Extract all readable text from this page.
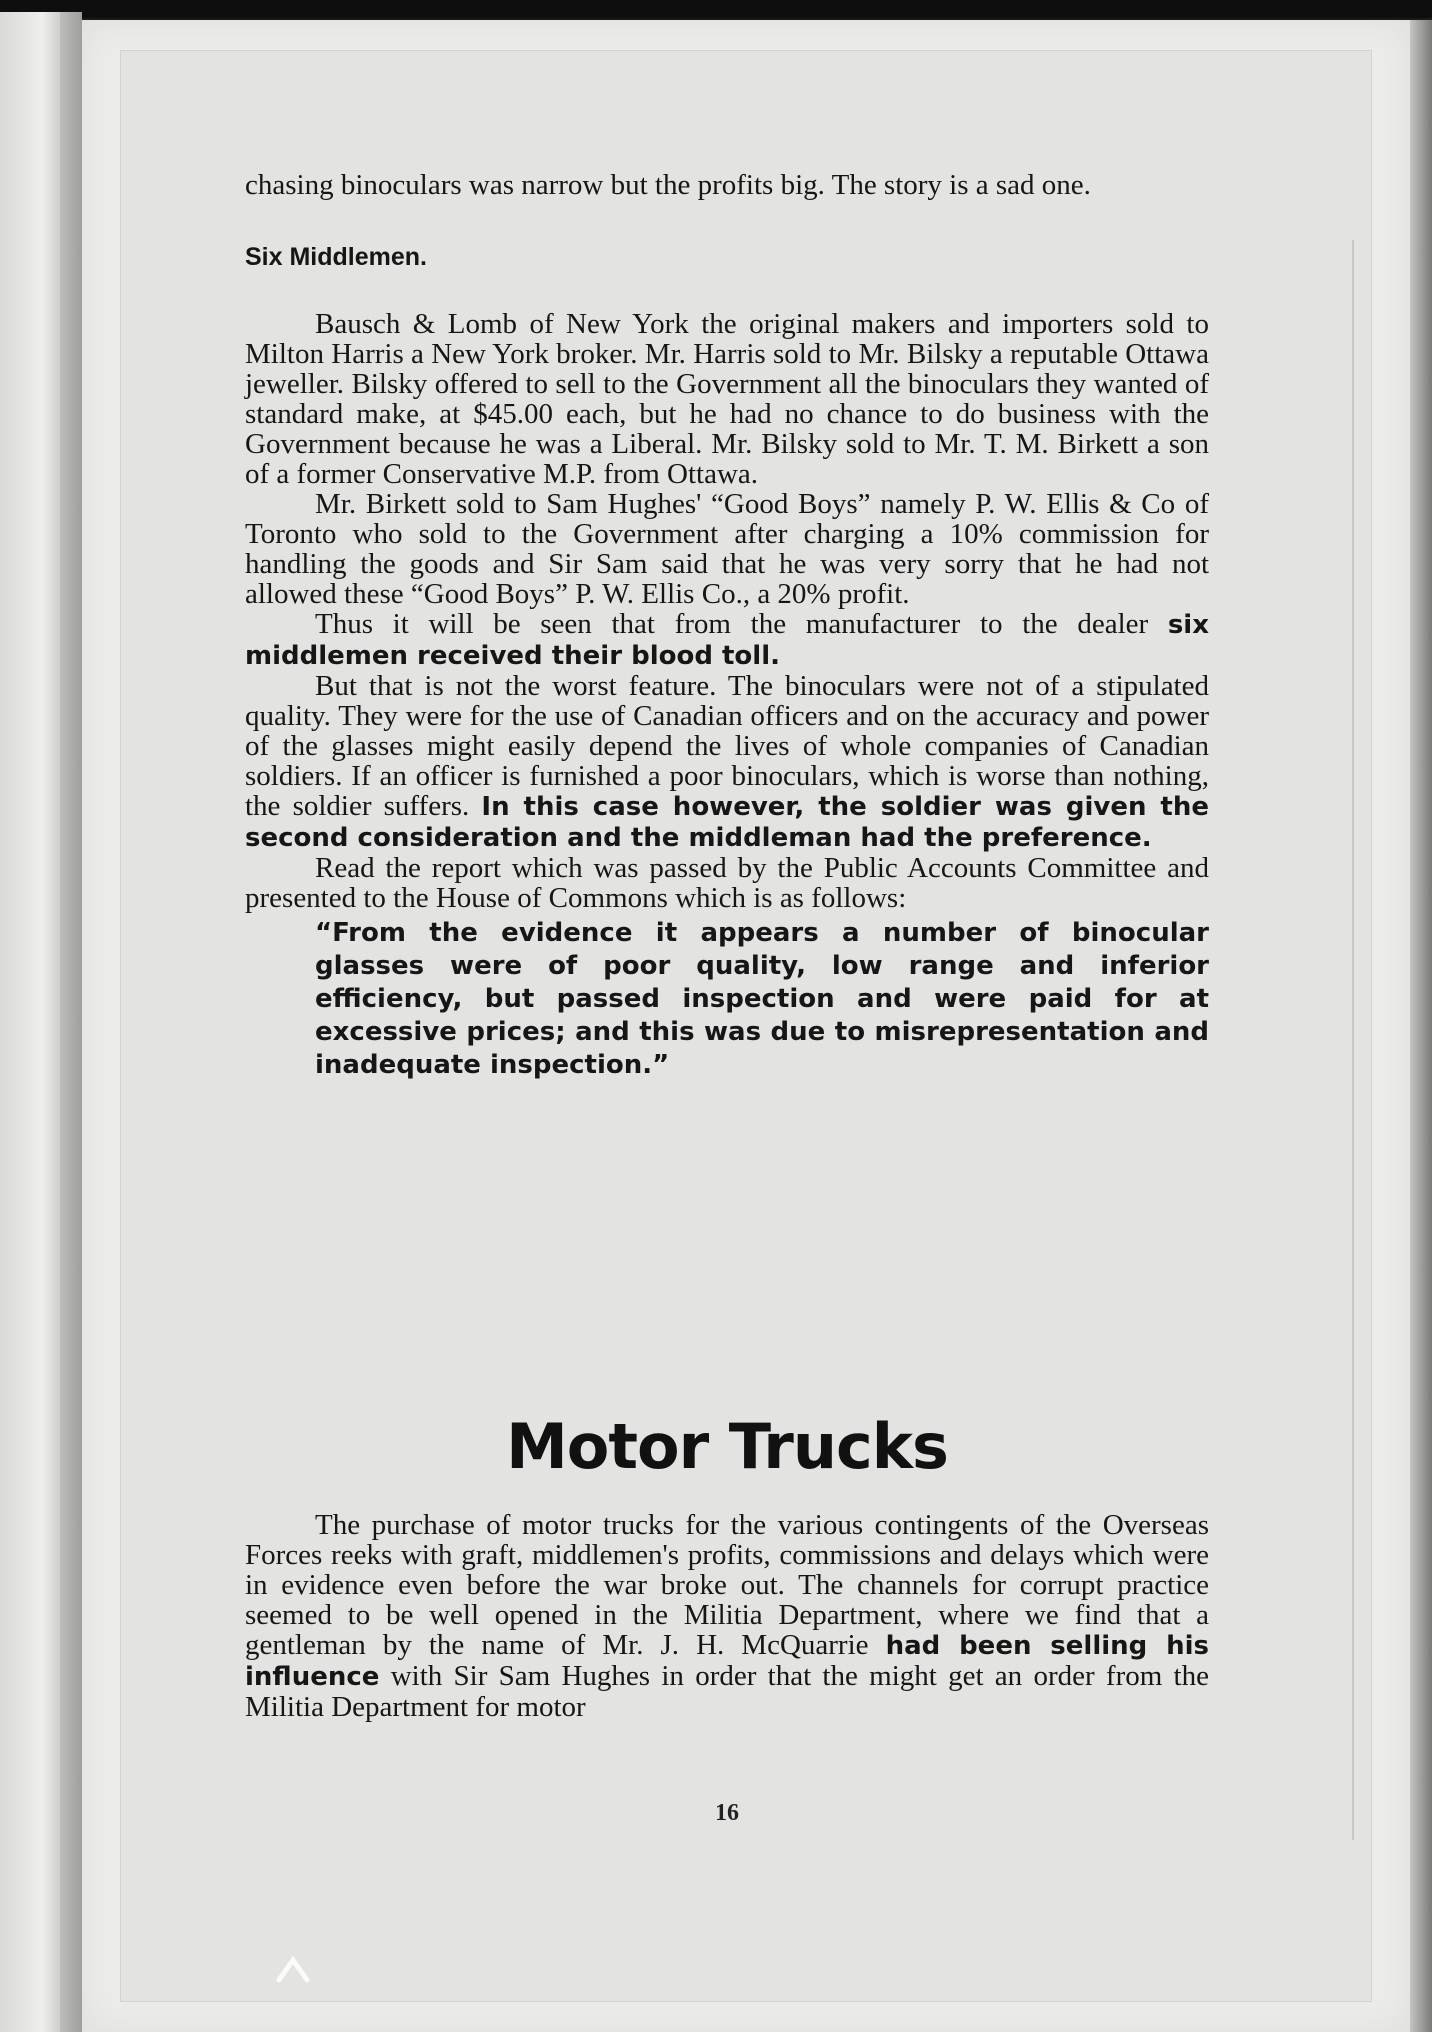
chasing binoculars was narrow but the profits big. The story is a sad one.

Six Middlemen.

Bausch & Lomb of New York the original makers and importers sold to Milton Harris a New York broker. Mr. Harris sold to Mr. Bilsky a reputable Ottawa jeweller. Bilsky offered to sell to the Government all the binoculars they wanted of standard make, at $45.00 each, but he had no chance to do business with the Government because he was a Liberal. Mr. Bilsky sold to Mr. T. M. Birkett a son of a former Conservative M.P. from Ottawa.

Mr. Birkett sold to Sam Hughes' “Good Boys” namely P. W. Ellis & Co of Toronto who sold to the Government after charging a 10% commission for handling the goods and Sir Sam said that he was very sorry that he had not allowed these “Good Boys” P. W. Ellis Co., a 20% profit.

Thus it will be seen that from the manufacturer to the dealer six middlemen received their blood toll.

But that is not the worst feature. The binoculars were not of a stipulated quality. They were for the use of Canadian officers and on the accuracy and power of the glasses might easily depend the lives of whole companies of Canadian soldiers. If an officer is furnished a poor binoculars, which is worse than nothing, the soldier suffers. In this case however, the soldier was given the second consideration and the middleman had the preference.

Read the report which was passed by the Public Accounts Committee and presented to the House of Commons which is as follows:

“From the evidence it appears a number of binocular glasses were of poor quality, low range and inferior efficiency, but passed inspection and were paid for at excessive prices; and this was due to misrepresentation and inadequate inspection.”

Motor Trucks

The purchase of motor trucks for the various contingents of the Overseas Forces reeks with graft, middlemen's profits, commissions and delays which were in evidence even before the war broke out. The channels for corrupt practice seemed to be well opened in the Militia Department, where we find that a gentleman by the name of Mr. J. H. McQuarrie had been selling his influence with Sir Sam Hughes in order that the might get an order from the Militia Department for motor

16
